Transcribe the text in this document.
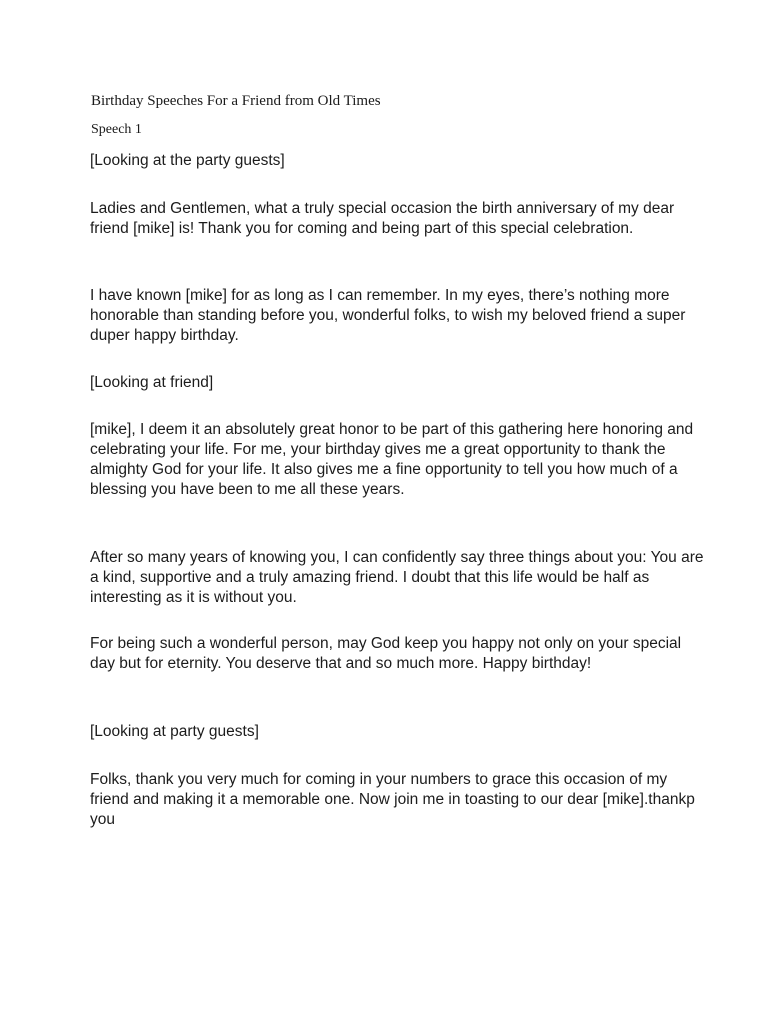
Birthday Speeches For a Friend from Old Times
Speech 1

[Looking at the party guests]

Ladies and Gentlemen, what a truly special occasion the birth anniversary of my dear friend [mike] is! Thank you for coming and being part of this special celebration.

I have known [mike] for as long as I can remember. In my eyes, there’s nothing more honorable than standing before you, wonderful folks, to wish my beloved friend a super duper happy birthday.

[Looking at friend]

[mike], I deem it an absolutely great honor to be part of this gathering here honoring and celebrating your life. For me, your birthday gives me a great opportunity to thank the almighty God for your life. It also gives me a fine opportunity to tell you how much of a blessing you have been to me all these years.

After so many years of knowing you, I can confidently say three things about you: You are a kind, supportive and a truly amazing friend. I doubt that this life would be half as interesting as it is without you.

For being such a wonderful person, may God keep you happy not only on your special day but for eternity. You deserve that and so much more. Happy birthday!

[Looking at party guests]

Folks, thank you very much for coming in your numbers to grace this occasion of my friend and making it a memorable one. Now join me in toasting to our dear [mike].thankp you
